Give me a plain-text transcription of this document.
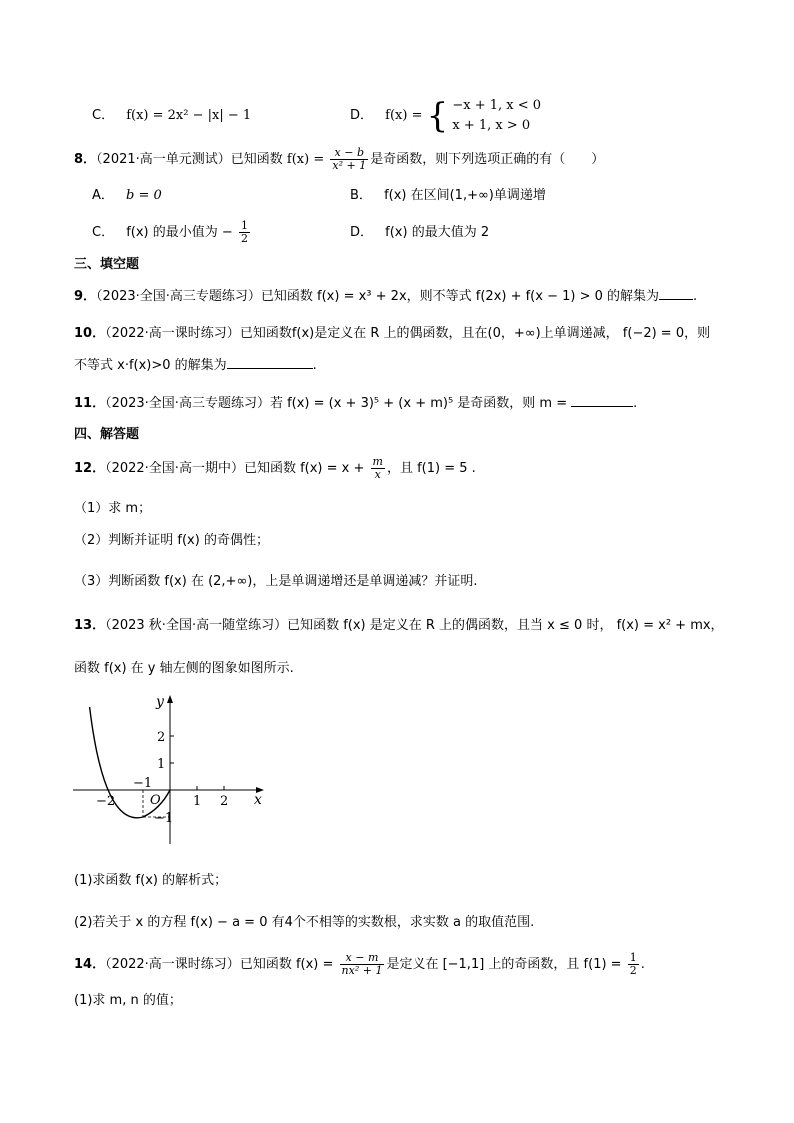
C． f(x) = 2x² − |x| − 1	D． f(x) = { −x + 1, x < 0
x + 1, x > 0
8．（2021·高一单元测试）已知函数 $f(x) = \frac{x - b}{\text{x² + 1}}$ 是奇函数，则下列选项正确的有（　　）
A． b = 0	B． f(x) 在区间(1,+∞)单调递增
C． f(x) 的最小值为 − $\frac{1}{2}$	D． f(x) 的最大值为 2
三、填空题
9．（2023·全国·高三专题练习）已知函数 f(x) = x³ + 2x，则不等式 f(2x) + f(x − 1) > 0 的解集为	.
10．（2022·高一课时练习）已知函数f(x)是定义在 R 上的偶函数，且在(0，+∞)上单调递减， f(−2) = 0，则
不等式 x·f(x)>0 的解集为	.
11．（2023·全国·高三专题练习）若 f(x) = (x + 3)⁵ + (x + m)⁵ 是奇函数，则 m =	.
四、解答题
12．（2022·全国·高一期中）已知函数 $f(x) = x + \frac{m}{x}$ ，且 f(1) = 5 .
（1）求 m；
（2）判断并证明 f(x) 的奇偶性；
（3）判断函数 f(x) 在 (2,+∞)，上是单调递增还是单调递减？并证明.
13．（2023 秋·全国·高一随堂练习）已知函数 f(x) 是定义在 R 上的偶函数，且当 x ≤ 0 时， f(x) = x² + mx，
函数 f(x) 在 y 轴左侧的图象如图所示.
y
x
O
−2
−1
1 2
2
1
−1
(1)求函数 f(x) 的解析式；
(2)若关于 x 的方程 f(x) − a = 0 有4个不相等的实数根，求实数 a 的取值范围.
14．（2022·高一课时练习）已知函数 $f(x) = \frac{x - m}{\text{nx² + 1}}$ 是定义在 [−1,1] 上的奇函数，且 $f(1) = \frac{1}{2}$ .
(1)求 m, n 的值；
